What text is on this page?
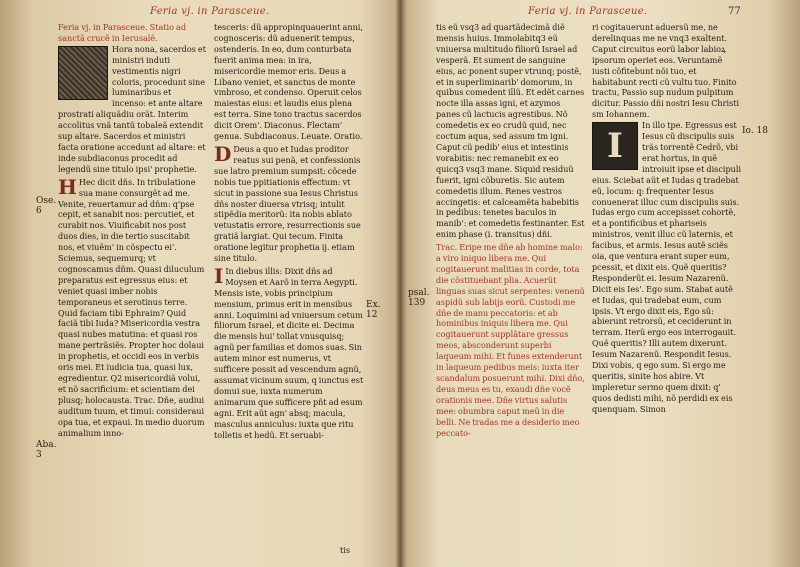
Feria vj. in Parasceue.

Feria vj. in Parasceue. Statio ad sanctã crucẽ in Ierusalẽ.

Hora nona, sacerdos et ministri induti vestimentis nigri coloris, procedunt sine luminaribus et incenso: et ante altare prostrati aliquãdiu orãt. Interim accolitus vnã tantũ tobaleã extendit sup altare. Sacerdos et ministri facta oratione accedunt ad altare: et inde subdiaconus procedit ad legendũ sine titulo ipsi' prophetie.

H Hec dicit dñs. In tribulatione sua mane consurgẽt ad me. Venite, reuertamur ad dñm: q'pse cepit, et sanabit nos: percutiet, et curabit nos. Viuificabit nos post duos dies, in die tertio suscitabit nos, et viuẽm' in cõspectu ei'. Sciemus, sequemurq; vt cognoscamus dñm. Quasi diluculum preparatus est egressus eius: et veniet quasi imber nobis temporaneus et serotinus terre. Quid faciam tibi Ephraim? Quid faciã tibi Iuda? Misericordia vestra quasi nubes matutina: et quasi ros mane pertrãsiẽs. Propter hoc dolaui in prophetis, et occidi eos in verbis oris mei. Et iudicia tua, quasi lux, egredientur. Q2 misericordiã volui, et nõ sacrificium: et scientiam dei plusq; holocausta. Trac. Dñe, audiui auditum tuum, et timui: consideraui opa tua, et expaui. In medio duorum animalium inno-

tesceris: dũ appropinquauerint anni, cognosceris: dũ aduenerit tempus, ostenderis. In eo, dum conturbata fuerit anima mea: in ira, misericordie memor eris. Deus a Libano veniet, et sanctus de monte vmbroso, et condenso. Operuit celos maiestas eius: et laudis eius plena est terra. Sine tono tractus sacerdos dicit Orem'. Diaconus. Flectam' genua. Subdiaconus. Leuate. Oratio.

D Deus a quo et Iudas proditor reatus sui penã, et confessionis sue latro premium sumpsit: cõcede nobis tue ppitiationis effectum: vt sicut in passione sua Iesus Christus dñs noster diuersa vtrisq; intulit stipẽdia meritorũ: ita nobis ablato vetustatis errore, resurrectionis sue gratiã largiat. Qui tecum. Finita oratione legitur prophetia ij. etiam sine titulo.

I In diebus illis: Dixit dñs ad Moysen et Aarõ in terra Aegypti. Mensis iste, vobis principium mensium, primus erit in mensibus anni. Loquimini ad vniuersum cetum filiorum Israel, et dicite ei. Decima die mensis hui' tollat vnusquisq; agnũ per familias et domos suas. Sin autem minor est numerus, vt sufficere possit ad vescendum agnũ, assumat vicinum suum, q iunctus est domui sue, iuxta numerum animarum que sufficere pñt ad esum agni. Erit aũt agn' absq; macula, masculus anniculus: iuxta que ritu tolletis et hedũ. Et seruabi-

tis
Ose. 6
Ex. 12
Aba. 3
Feria vj. in Parasceue.	77

tis eũ vsq3 ad quartãdecimã diẽ mensis huius. Immolabitq3 eũ vniuersa multitudo filiorũ Israel ad vesperã. Et sument de sanguine eius, ac ponent super vtrunq; postẽ, et in superliminarib' domorum, in quibus comedent illũ. Et edẽt carnes nocte illa assas igni, et azymos panes cũ lactucis agrestibus. Nõ comedetis ex eo crudũ quid, nec coctum aqua, sed assum tm igni. Caput cũ pedib' eius et intestinis vorabitis: nec remanebit ex eo quicq3 vsq3 mane. Siquid residuũ fuerit, igni cõburetis. Sic autem comedetis illum. Renes vestros accingetis: et calceamẽta habebitis in pedibus: tenetes baculos in manib': et comedetis festinanter. Est enim phase (i. transitus) dñi.

Trac. Eripe me dñe ab homine malo: a viro iniquo libera me. Qui cogitauerunt malitias in corde, tota die cõstituebant plia. Acuerũt linguas suas sicut serpentes: venenũ aspidũ sub labijs eorũ. Custodi me dñe de manu peccatoris: et ab hominibus iniquis libera me. Qui cogitauerunt supplãtare gressus meos, absconderunt superbi laqueum mihi. Et funes extenderunt in laqueum pedibus meis: iuxta iter scandalum posuerunt mihi. Dixi dño, deus meus es tu, exaudi dñe vocẽ orationis mee. Dñe virtus salutis mee: obumbra caput meũ in die belli. Ne tradas me a desiderio meo peccato-

ri cogitauerunt aduersũ me, ne derelinquas me ne vnq3 exaltent. Caput circuitus eorũ labor labioꝝ ipsorum operiet eos. Veruntamẽ iusti cõfitebunt nõi tuo, et habitabunt recti cũ vultu tuo. Finito tractu, Passio sup nudum pulpitum dicitur. Passio dñi nostri Iesu Christi sm Iohannem.

I

In illo tpe. Egressus est Iesus cũ discipulis suis trãs torrentẽ Cedrõ, vbi erat hortus, in quẽ introiuit ipse et discipuli eius. Sciebat aũt et Iudas q tradebat eũ, locum: q: frequenter Iesus conuenerat illuc cum discipulis suis. Iudas ergo cum accepisset cohortẽ, et a pontificibus et phariseis ministros, venit illuc cũ laternis, et facibus, et armis. Iesus autẽ sciẽs oia, que ventura erant super eum, pcessit, et dixit eis. Quẽ queritis? Responderũt ei. Iesum Nazarenũ. Dicit eis Ies'. Ego sum. Stabat autẽ et Iudas, qui tradebat eum, cum ipsis. Vt ergo dixit eis, Ego sũ: abierunt retrorsũ, et ceciderunt in terram. Iterũ ergo eos interrogauit. Quẽ queritis? Illi autem dixerunt. Iesum Nazarenũ. Respondit Iesus. Dixi vobis, q ego sum. Si ergo me queritis, sinite hos abire. Vt impleretur sermo quem dixit: q' quos dedisti mihi, nõ perdidi ex eis quenquam. Simon

Io. 18
psal. 139
